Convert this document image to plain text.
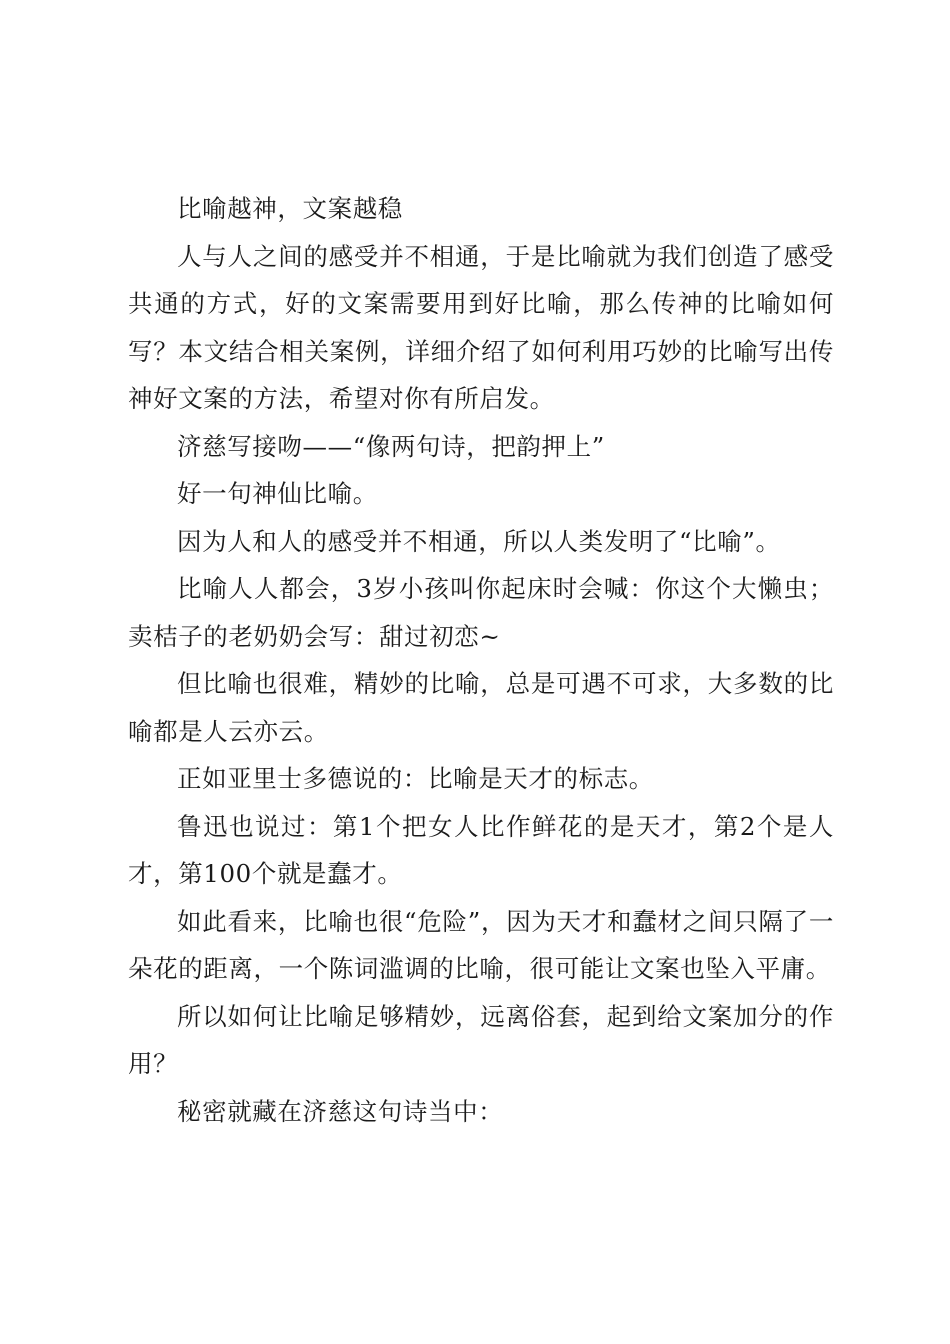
比喻越神，文案越稳

人与人之间的感受并不相通，于是比喻就为我们创造了感受共通的方式，好的文案需要用到好比喻，那么传神的比喻如何写？本文结合相关案例，详细介绍了如何利用巧妙的比喻写出传神好文案的方法，希望对你有所启发。

济慈写接吻——“像两句诗，把韵押上”

好一句神仙比喻。

因为人和人的感受并不相通，所以人类发明了“比喻”。

比喻人人都会，3岁小孩叫你起床时会喊：你这个大懒虫；卖桔子的老奶奶会写：甜过初恋~

但比喻也很难，精妙的比喻，总是可遇不可求，大多数的比喻都是人云亦云。

正如亚里士多德说的：比喻是天才的标志。

鲁迅也说过：第1个把女人比作鲜花的是天才，第2个是人才，第100个就是蠢才。

如此看来，比喻也很“危险”，因为天才和蠢材之间只隔了一朵花的距离，一个陈词滥调的比喻，很可能让文案也坠入平庸。

所以如何让比喻足够精妙，远离俗套，起到给文案加分的作用？

秘密就藏在济慈这句诗当中：
